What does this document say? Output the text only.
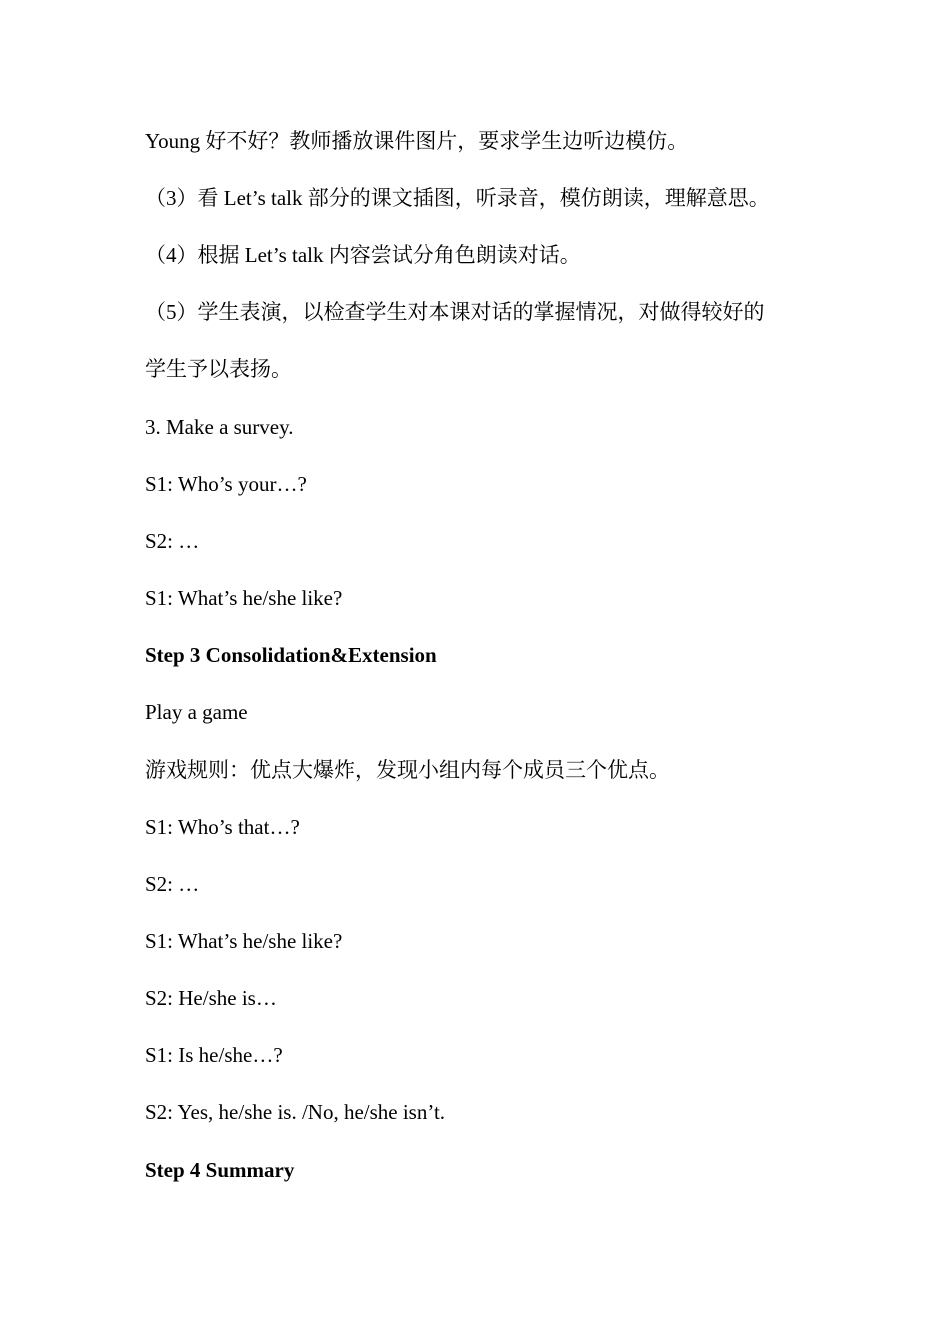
Young 好不好？教师播放课件图片，要求学生边听边模仿。
（3）看 Let’s talk 部分的课文插图，听录音，模仿朗读，理解意思。
（4）根据 Let’s talk 内容尝试分角色朗读对话。
（5）学生表演，以检查学生对本课对话的掌握情况，对做得较好的
学生予以表扬。
3. Make a survey.
S1: Who’s your…?
S2: …
S1: What’s he/she like?
Step 3 Consolidation&Extension
Play a game
游戏规则：优点大爆炸，发现小组内每个成员三个优点。
S1: Who’s that…?
S2: …
S1: What’s he/she like?
S2: He/she is…
S1: Is he/she…?
S2: Yes, he/she is. /No, he/she isn’t.
Step 4 Summary
